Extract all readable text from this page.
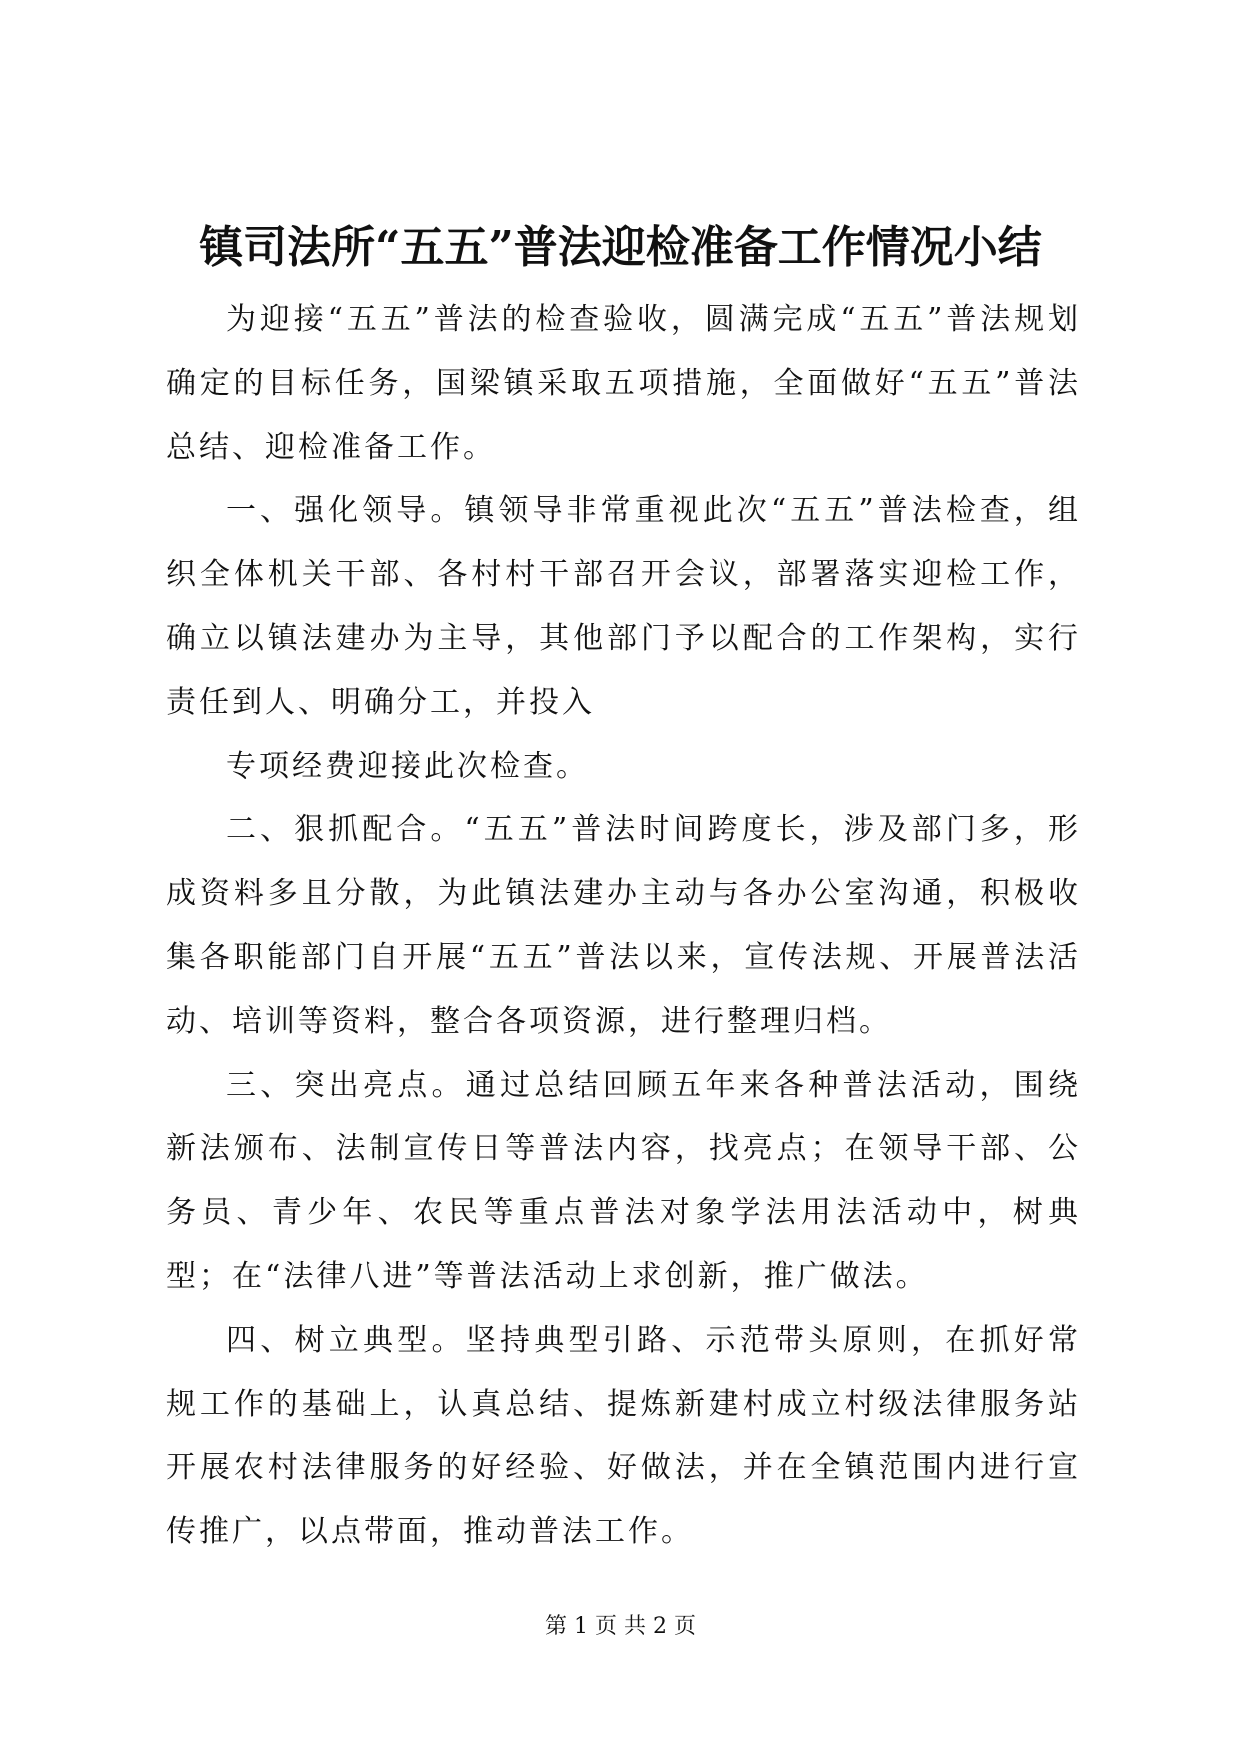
镇司法所“五五”普法迎检准备工作情况小结

为迎接“五五”普法的检查验收，圆满完成“五五”普法规划确定的目标任务，国梁镇采取五项措施，全面做好“五五”普法总结、迎检准备工作。

一、强化领导。镇领导非常重视此次“五五”普法检查，组织全体机关干部、各村村干部召开会议，部署落实迎检工作，确立以镇法建办为主导，其他部门予以配合的工作架构，实行责任到人、明确分工，并投入

专项经费迎接此次检查。

二、狠抓配合。“五五”普法时间跨度长，涉及部门多，形成资料多且分散，为此镇法建办主动与各办公室沟通，积极收集各职能部门自开展“五五”普法以来，宣传法规、开展普法活动、培训等资料，整合各项资源，进行整理归档。

三、突出亮点。通过总结回顾五年来各种普法活动，围绕新法颁布、法制宣传日等普法内容，找亮点；在领导干部、公务员、青少年、农民等重点普法对象学法用法活动中，树典型；在“法律八进”等普法活动上求创新，推广做法。

四、树立典型。坚持典型引路、示范带头原则，在抓好常规工作的基础上，认真总结、提炼新建村成立村级法律服务站开展农村法律服务的好经验、好做法，并在全镇范围内进行宣传推广，以点带面，推动普法工作。

第 1 页 共 2 页
